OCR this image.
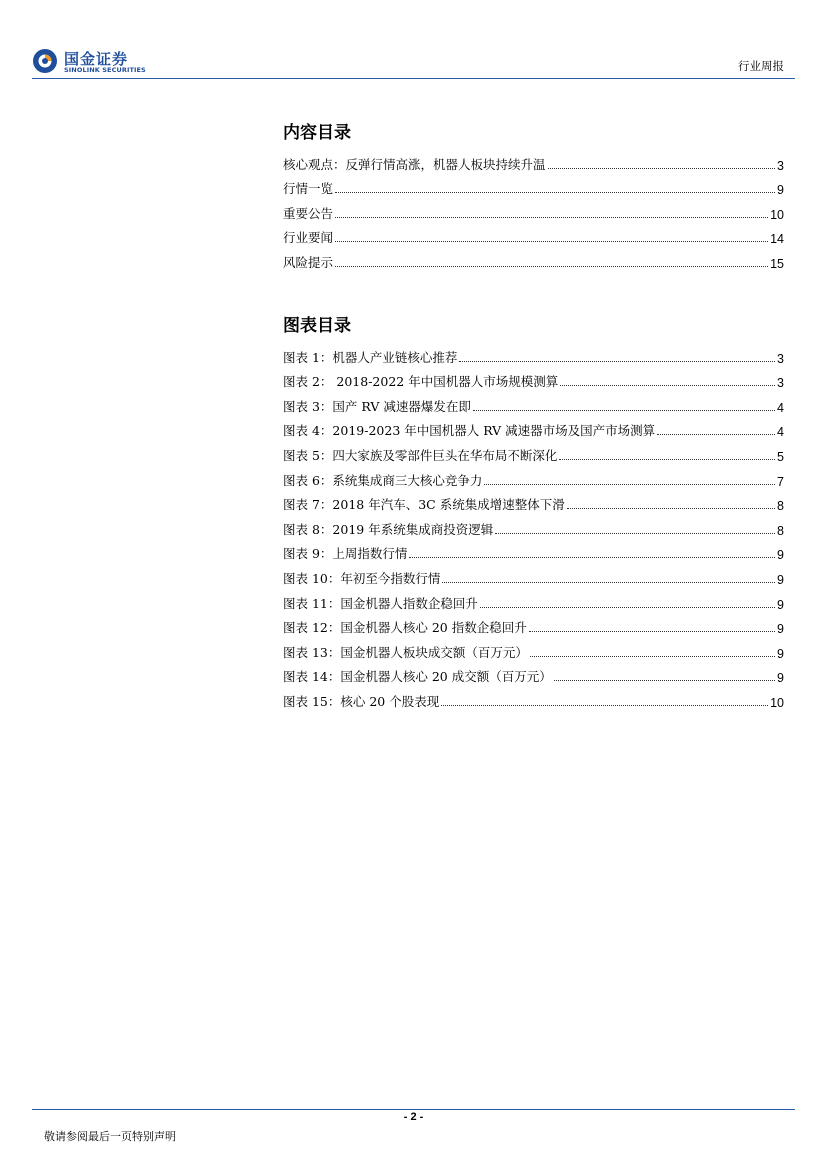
国金证券
SINOLINK SECURITIES	行业周报
内容目录
核心观点：反弹行情高涨，机器人板块持续升温	3
行情一览	9
重要公告	10
行业要闻	14
风险提示	15
图表目录
图表 1：机器人产业链核心推荐	3
图表 2： 2018-2022 年中国机器人市场规模测算	3
图表 3：国产 RV 减速器爆发在即	4
图表 4：2019-2023 年中国机器人 RV 减速器市场及国产市场测算	4
图表 5：四大家族及零部件巨头在华布局不断深化	5
图表 6：系统集成商三大核心竞争力	7
图表 7：2018 年汽车、3C 系统集成增速整体下滑	8
图表 8：2019 年系统集成商投资逻辑	8
图表 9：上周指数行情	9
图表 10：年初至今指数行情	9
图表 11：国金机器人指数企稳回升	9
图表 12：国金机器人核心 20 指数企稳回升	9
图表 13：国金机器人板块成交额（百万元）	9
图表 14：国金机器人核心 20 成交额（百万元）	9
图表 15：核心 20 个股表现	10
- 2 -
敬请参阅最后一页特别声明
